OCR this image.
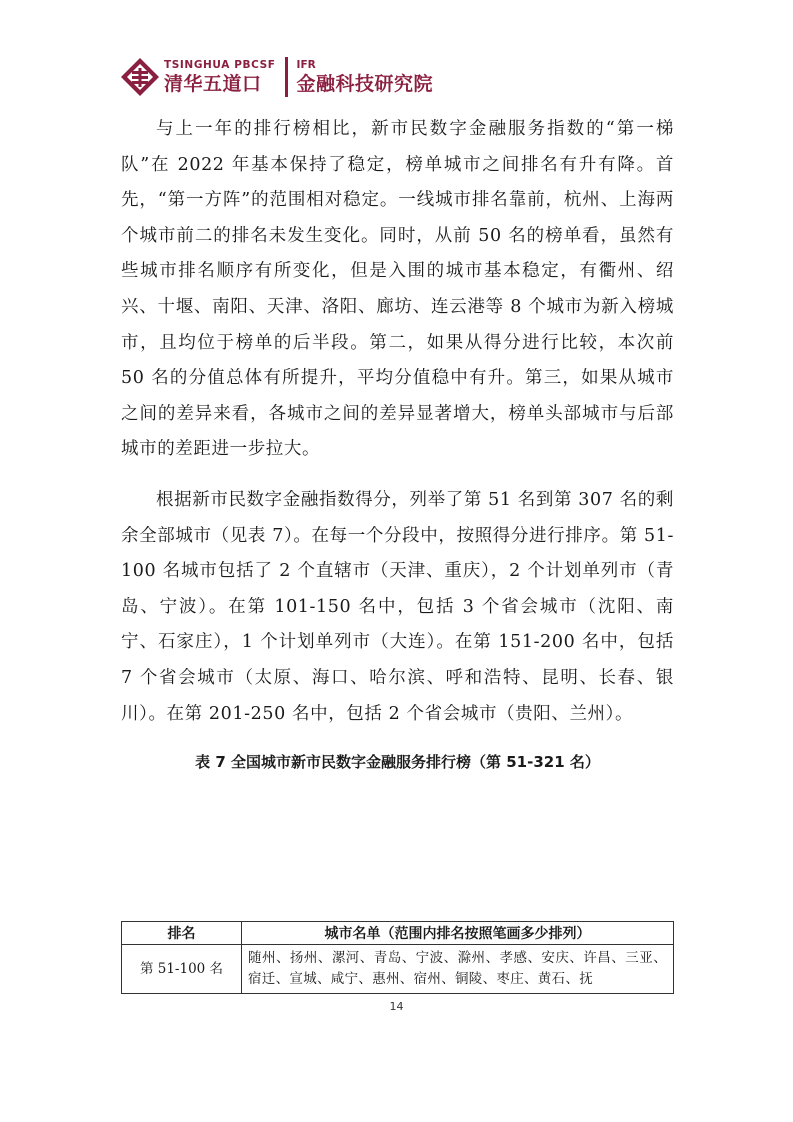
TSINGHUA PBCSF
清华五道口
IFR
金融科技研究院

与上一年的排行榜相比，新市民数字金融服务指数的“第一梯队”在 2022 年基本保持了稳定，榜单城市之间排名有升有降。首先，“第一方阵”的范围相对稳定。一线城市排名靠前，杭州、上海两个城市前二的排名未发生变化。同时，从前 50 名的榜单看，虽然有些城市排名顺序有所变化，但是入围的城市基本稳定，有衢州、绍兴、十堰、南阳、天津、洛阳、廊坊、连云港等 8 个城市为新入榜城市，且均位于榜单的后半段。第二，如果从得分进行比较，本次前 50 名的分值总体有所提升，平均分值稳中有升。第三，如果从城市之间的差异来看，各城市之间的差异显著增大，榜单头部城市与后部城市的差距进一步拉大。

根据新市民数字金融指数得分，列举了第 51 名到第 307 名的剩余全部城市（见表 7）。在每一个分段中，按照得分进行排序。第 51-100 名城市包括了 2 个直辖市（天津、重庆），2 个计划单列市（青岛、宁波）。在第 101-150 名中，包括 3 个省会城市（沈阳、南宁、石家庄），1 个计划单列市（大连）。在第 151-200 名中，包括 7 个省会城市（太原、海口、哈尔滨、呼和浩特、昆明、长春、银川）。在第 201-250 名中，包括 2 个省会城市（贵阳、兰州）。

表 7 全国城市新市民数字金融服务排行榜（第 51-321 名）

排名	城市名单（范围内排名按照笔画多少排列）
第 51-100 名	随州、扬州、漯河、青岛、宁波、滁州、孝感、安庆、许昌、三亚、宿迁、宣城、咸宁、惠州、宿州、铜陵、枣庄、黄石、抚
14
